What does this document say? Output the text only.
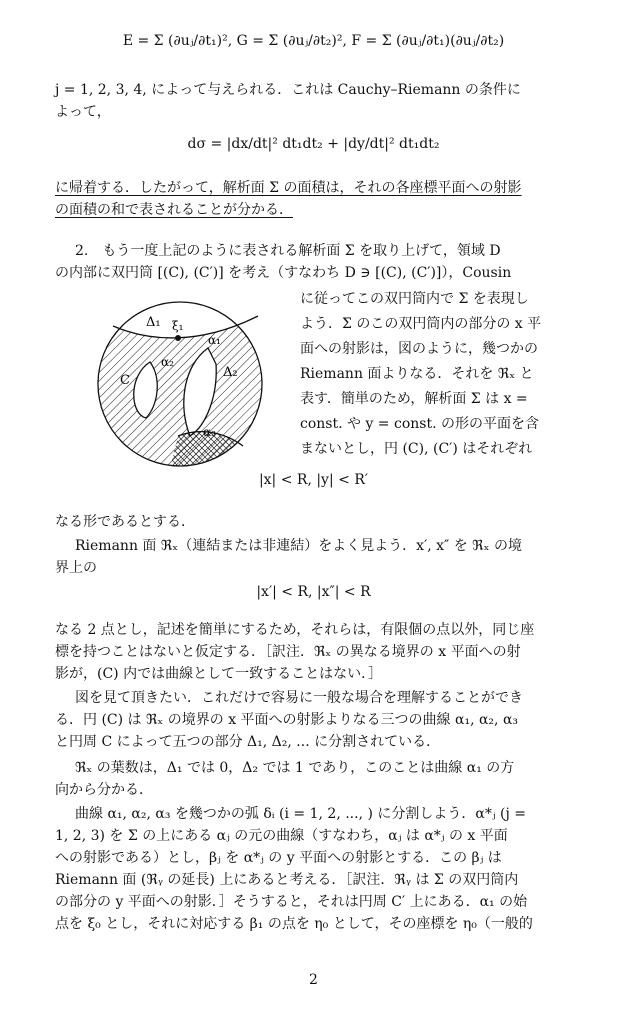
E = Σ (∂uⱼ/∂t₁)², G = Σ (∂uⱼ/∂t₂)², F = Σ (∂uⱼ/∂t₁)(∂uⱼ/∂t₂)
j = 1, 2, 3, 4, によって与えられる．これは Cauchy–Riemann の条件に
よって，
dσ = |dx/dt|² dt₁dt₂ + |dy/dt|² dt₁dt₂
に帰着する．したがって，解析面 Σ の面積は，それの各座標平面への射影
の面積の和で表されることが分かる．
2.　もう一度上記のように表される解析面 Σ を取り上げて，領域 D
の内部に双円筒 [(C), (C′)] を考え（すなわち D ∋ [(C), (C′)]），Cousin
に従ってこの双円筒内で Σ を表現し
よう．Σ のこの双円筒内の部分の x 平
面への射影は，図のように，幾つかの
Riemann 面よりなる．それを ℜₓ と
表す．簡単のため，解析面 Σ は x =
const. や y = const. の形の平面を含
まないとし，円 (C), (C′) はそれぞれ
C
Δ₁ ξ₁
α₁
α₂
Δ₂
α₃
|x| < R, |y| < R′
なる形であるとする．
Riemann 面 ℜₓ（連結または非連結）をよく見よう．x′, x″ を ℜₓ の境
界上の
|x′| < R, |x″| < R
なる 2 点とし，記述を簡単にするため，それらは，有限個の点以外，同じ座
標を持つことはないと仮定する．［訳注．ℜₓ の異なる境界の x 平面への射
影が，(C) 内では曲線として一致することはない．］
図を見て頂きたい．これだけで容易に一般な場合を理解することができ
る．円 (C) は ℜₓ の境界の x 平面への射影よりなる三つの曲線 α₁, α₂, α₃
と円周 C によって五つの部分 Δ₁, Δ₂, ... に分割されている．
ℜₓ の葉数は，Δ₁ では 0，Δ₂ では 1 であり，このことは曲線 α₁ の方
向から分かる．
曲線 α₁, α₂, α₃ を幾つかの弧 δᵢ (i = 1, 2, ..., ) に分割しよう．α*ⱼ (j =
1, 2, 3) を Σ の上にある αⱼ の元の曲線（すなわち，αⱼ は α*ⱼ の x 平面
への射影である）とし，βⱼ を α*ⱼ の y 平面への射影とする．この βⱼ は
Riemann 面 (ℜᵧ の延長) 上にあると考える．［訳注．ℜᵧ は Σ の双円筒内
の部分の y 平面への射影．］そうすると，それは円周 C′ 上にある．α₁ の始
点を ξ₀ とし，それに対応する β₁ の点を η₀ として，その座標を η₀（一般的
2
